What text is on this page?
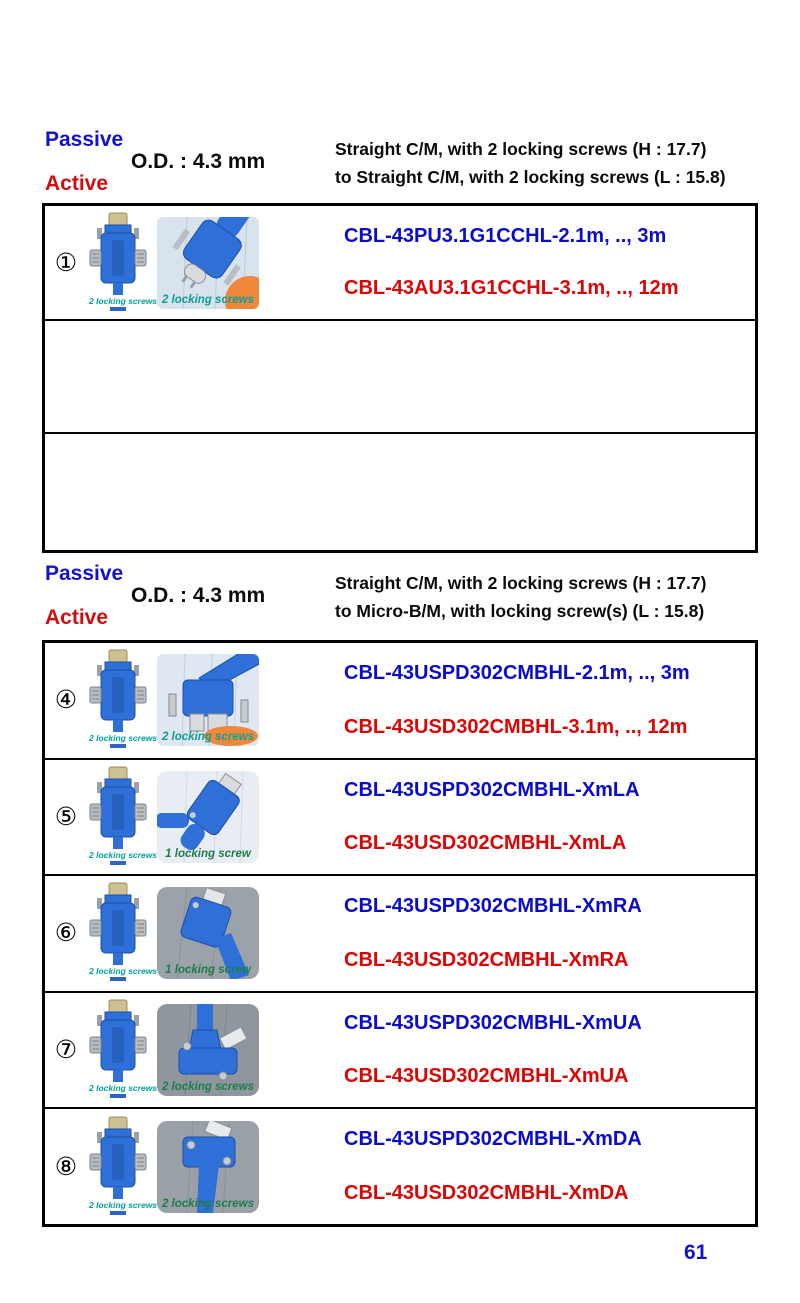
Passive
O.D. : 4.3 mm
Active
Straight C/M, with 2 locking screws (H : 17.7)
to Straight C/M, with 2 locking screws (L : 15.8)
①
2 locking screws 2 locking screws
CBL-43PU3.1G1CCHL-2.1m, .., 3m
CBL-43AU3.1G1CCHL-3.1m, .., 12m
Passive
O.D. : 4.3 mm
Active
Straight C/M, with 2 locking screws (H : 17.7)
to Micro-B/M, with locking screw(s) (L : 15.8)
④
2 locking screws 2 locking screws
CBL-43USPD302CMBHL-2.1m, .., 3m
CBL-43USD302CMBHL-3.1m, .., 12m
⑤
2 locking screws 1 locking screw
CBL-43USPD302CMBHL-XmLA
CBL-43USD302CMBHL-XmLA
⑥
2 locking screws 1 locking screw
CBL-43USPD302CMBHL-XmRA
CBL-43USD302CMBHL-XmRA
⑦
2 locking screws 2 locking screws
CBL-43USPD302CMBHL-XmUA
CBL-43USD302CMBHL-XmUA
⑧
2 locking screws 2 locking screws
CBL-43USPD302CMBHL-XmDA
CBL-43USD302CMBHL-XmDA
61
